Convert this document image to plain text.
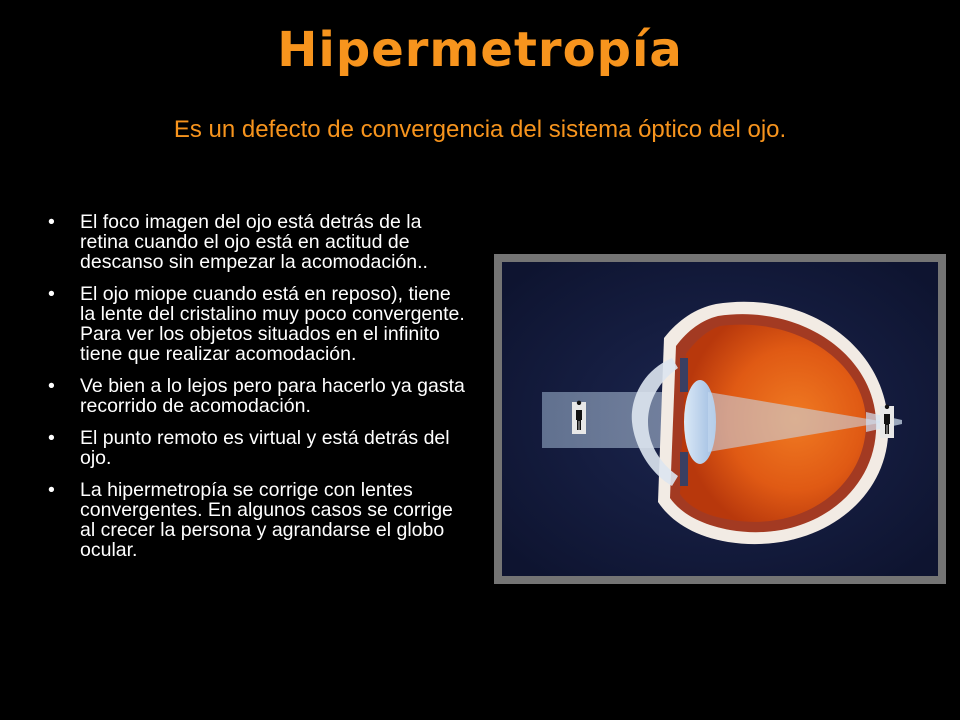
Hipermetropía

Es un defecto de convergencia del sistema óptico del ojo.

• El foco imagen del ojo está detrás de la retina cuando el ojo está en actitud de descanso sin empezar la acomodación..
• El ojo miope cuando está en reposo), tiene la lente del cristalino muy poco convergente. Para ver los objetos situados en el infinito tiene que realizar acomodación.
• Ve bien a lo lejos pero para hacerlo ya gasta recorrido de acomodación.
• El punto remoto es virtual y está detrás del ojo.
• La hipermetropía se corrige con lentes convergentes. En algunos casos se corrige al crecer la persona y agrandarse el globo ocular.
